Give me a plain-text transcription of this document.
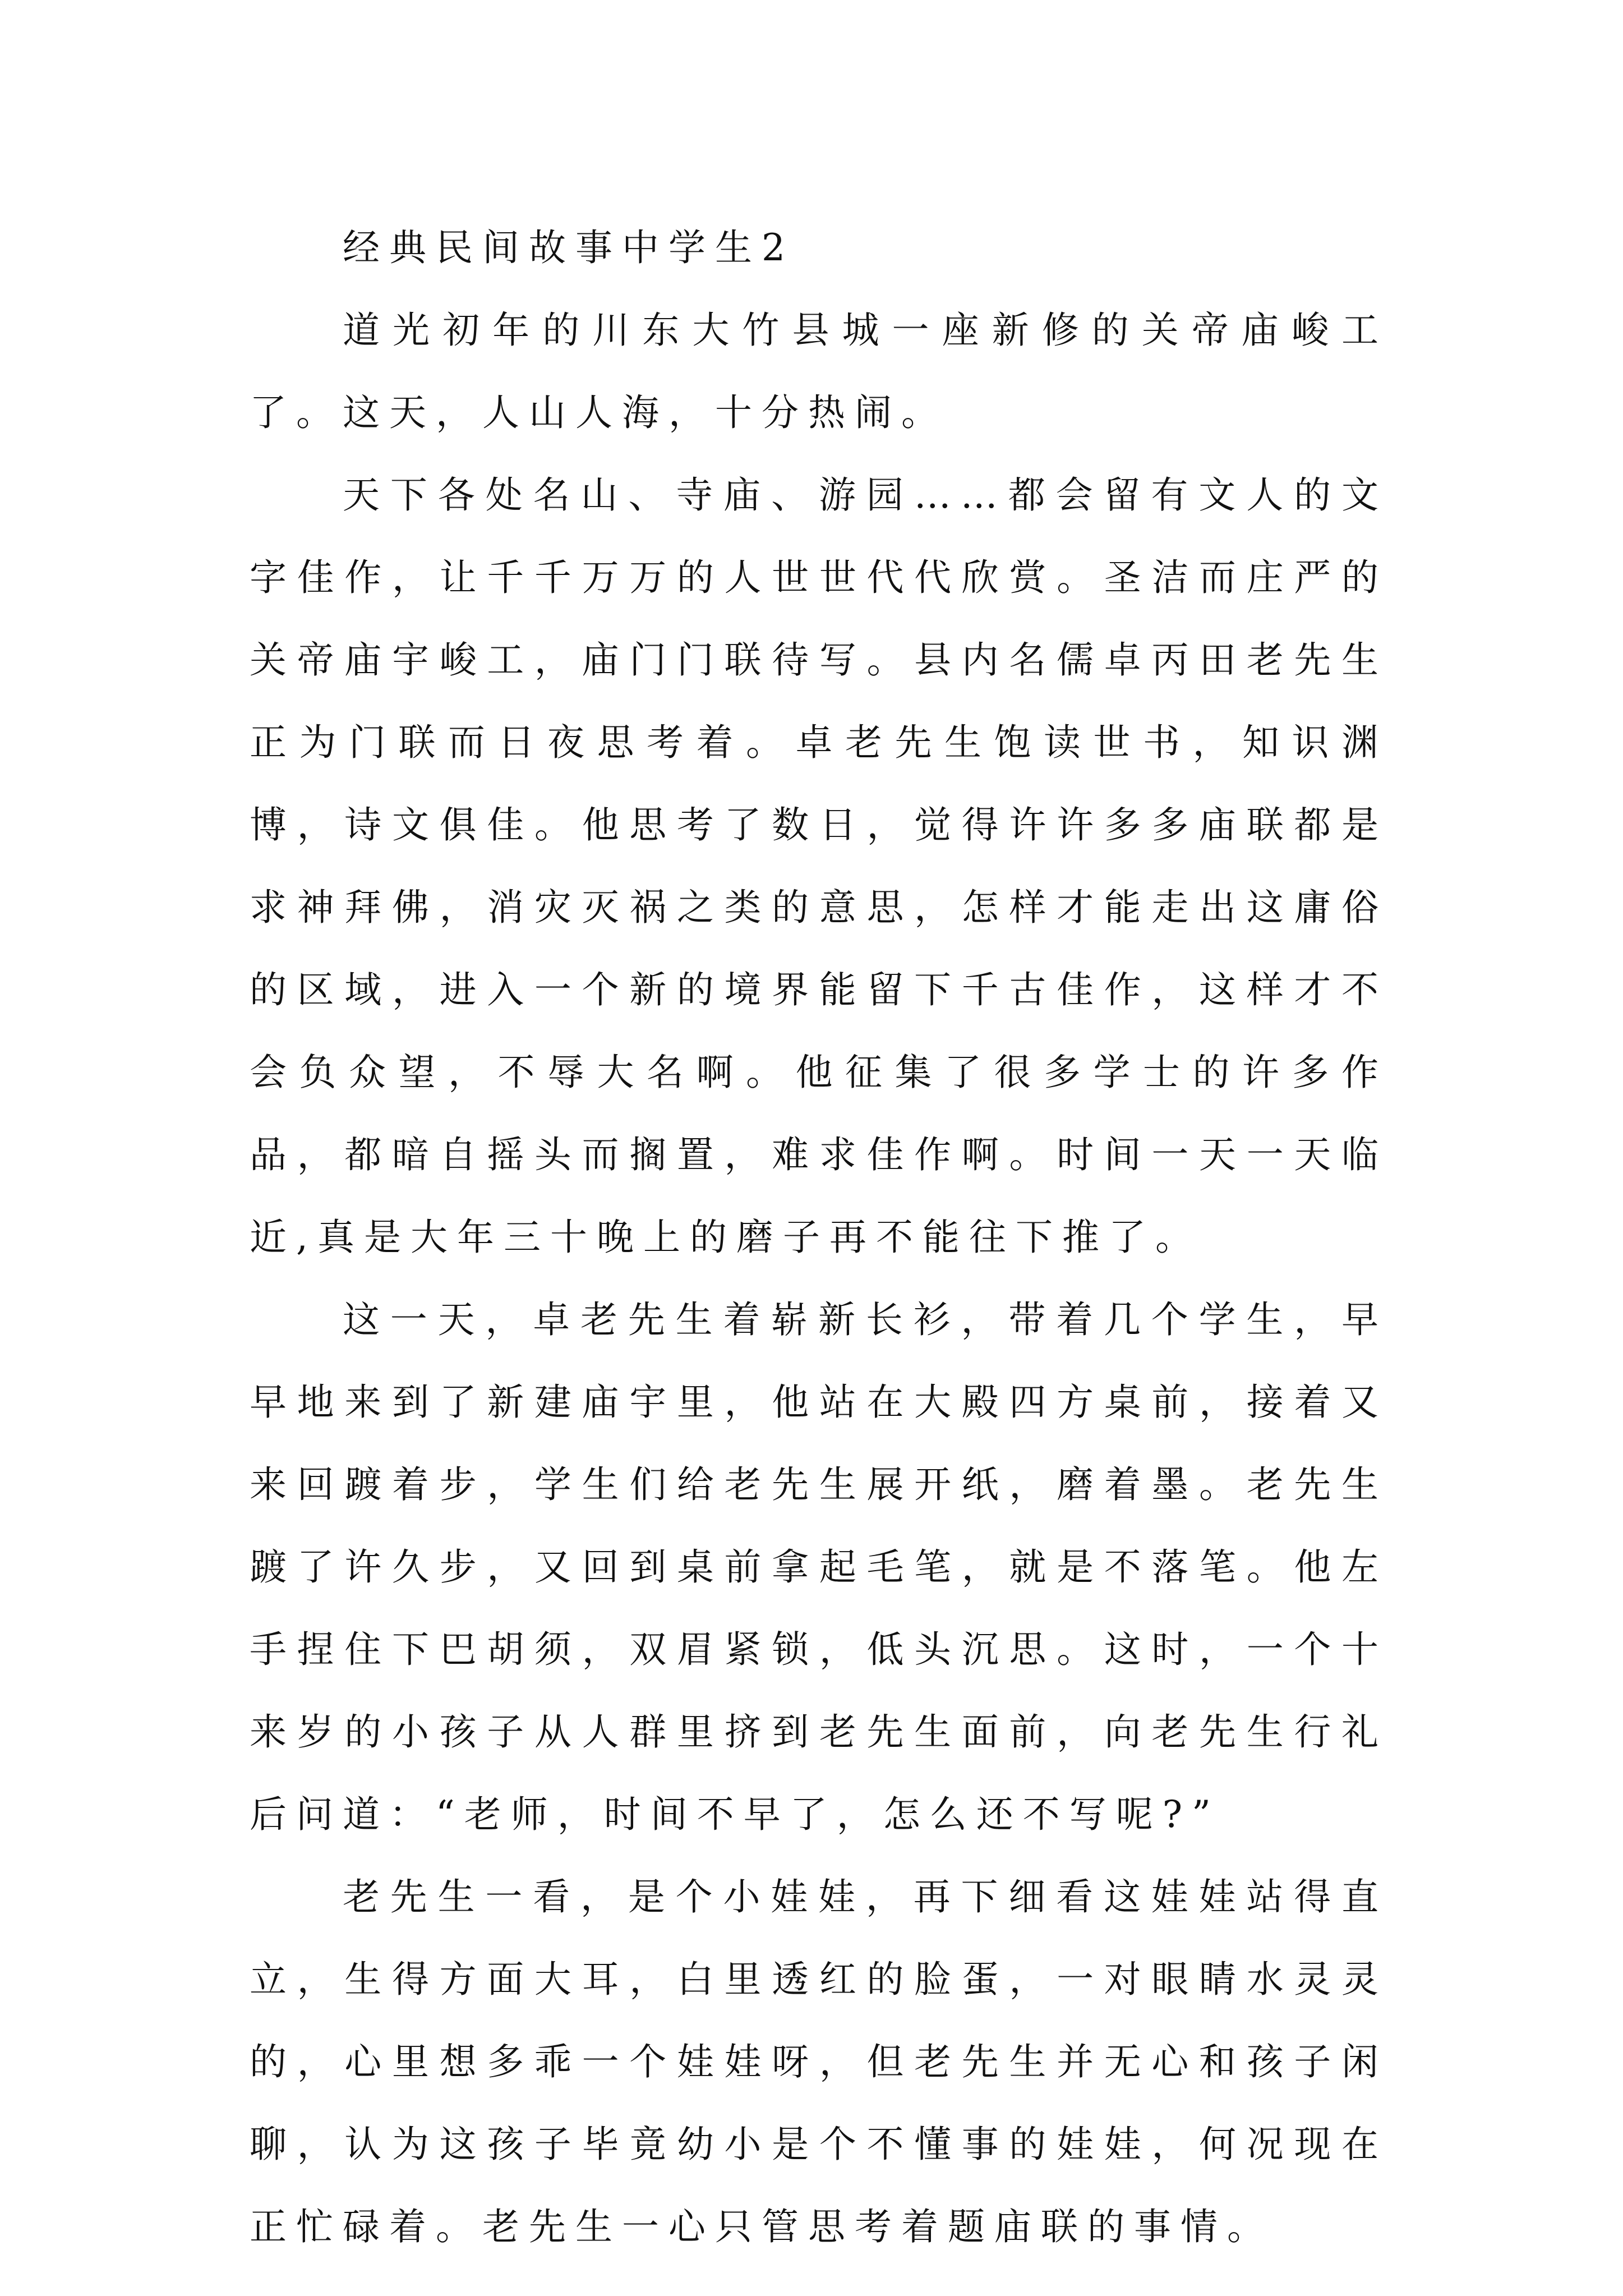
经典民间故事中学生2

道光初年的川东大竹县城一座新修的关帝庙峻工了。这天，人山人海，十分热闹。

天下各处名山、寺庙、游园……都会留有文人的文字佳作，让千千万万的人世世代代欣赏。圣洁而庄严的关帝庙宇峻工，庙门门联待写。县内名儒卓丙田老先生正为门联而日夜思考着。卓老先生饱读世书，知识渊博，诗文俱佳。他思考了数日，觉得许许多多庙联都是求神拜佛，消灾灭祸之类的意思，怎样才能走出这庸俗的区域，进入一个新的境界能留下千古佳作，这样才不会负众望，不辱大名啊。他征集了很多学士的许多作品，都暗自摇头而搁置，难求佳作啊。时间一天一天临近,真是大年三十晚上的磨子再不能往下推了。

这一天，卓老先生着崭新长衫，带着几个学生，早早地来到了新建庙宇里，他站在大殿四方桌前，接着又来回踱着步，学生们给老先生展开纸，磨着墨。老先生踱了许久步，又回到桌前拿起毛笔，就是不落笔。他左手捏住下巴胡须，双眉紧锁，低头沉思。这时，一个十来岁的小孩子从人群里挤到老先生面前，向老先生行礼后问道：“老师，时间不早了，怎么还不写呢?”

老先生一看，是个小娃娃，再下细看这娃娃站得直立，生得方面大耳，白里透红的脸蛋，一对眼睛水灵灵的，心里想多乖一个娃娃呀，但老先生并无心和孩子闲聊，认为这孩子毕竟幼小是个不懂事的娃娃，何况现在正忙碌着。老先生一心只管思考着题庙联的事情。
